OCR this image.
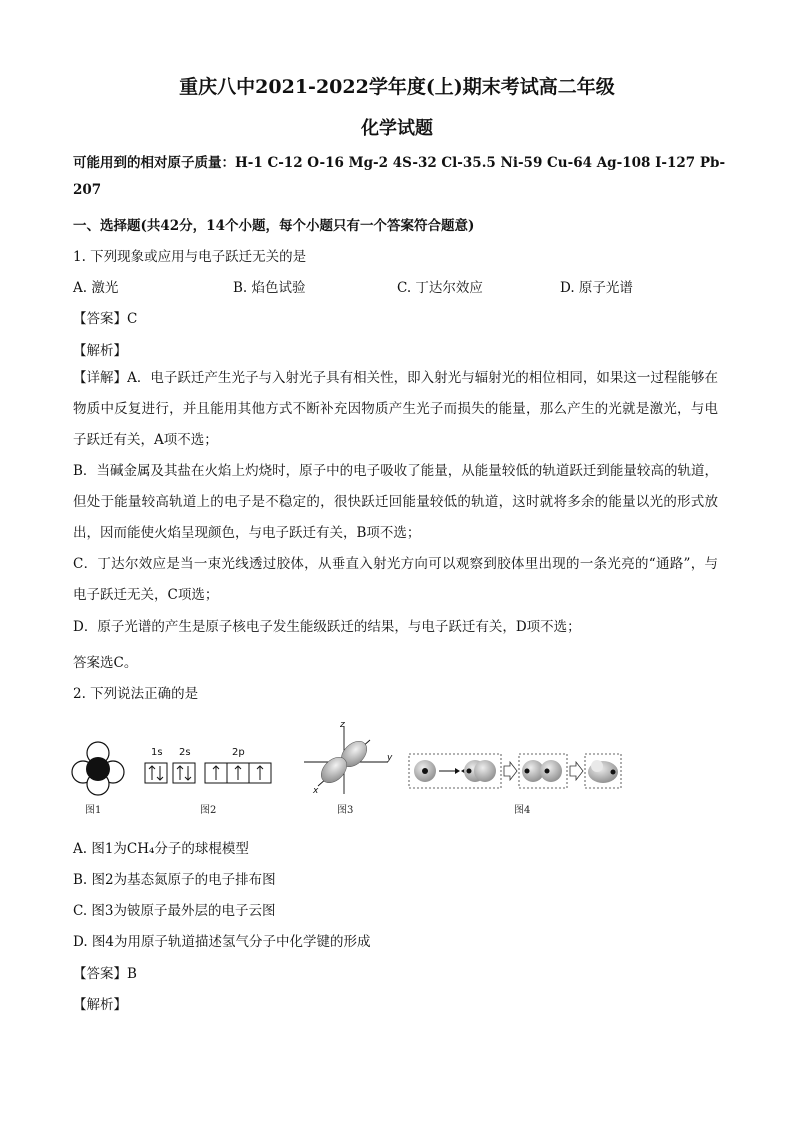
重庆八中2021-2022学年度(上)期末考试高二年级
化学试题
可能用到的相对原子质量：H-1 C-12 O-16 Mg-2 4S-32 Cl-35.5 Ni-59 Cu-64 Ag-108 I-127 Pb-
207
一、选择题(共42分，14个小题，每个小题只有一个答案符合题意)
1. 下列现象或应用与电子跃迁无关的是
A. 激光	B. 焰色试验	C. 丁达尔效应	D. 原子光谱
【答案】C
【解析】
【详解】A．电子跃迁产生光子与入射光子具有相关性，即入射光与辐射光的相位相同，如果这一过程能够在物质中反复进行，并且能用其他方式不断补充因物质产生光子而损失的能量，那么产生的光就是激光，与电子跃迁有关，A项不选；
B．当碱金属及其盐在火焰上灼烧时，原子中的电子吸收了能量，从能量较低的轨道跃迁到能量较高的轨道，但处于能量较高轨道上的电子是不稳定的，很快跃迁回能量较低的轨道，这时就将多余的能量以光的形式放出，因而能使火焰呈现颜色，与电子跃迁有关，B项不选；
C．丁达尔效应是当一束光线透过胶体，从垂直入射光方向可以观察到胶体里出现的一条光亮的“通路”，与电子跃迁无关，C项选；
D．原子光谱的产生是原子核电子发生能级跃迁的结果，与电子跃迁有关，D项不选；
答案选C。
2. 下列说法正确的是
图1
1s 2s	2p
图2
z
y
x
图3	图4
A. 图1为CH₄分子的球棍模型
B. 图2为基态氮原子的电子排布图
C. 图3为铍原子最外层的电子云图
D. 图4为用原子轨道描述氢气分子中化学键的形成
【答案】B
【解析】
